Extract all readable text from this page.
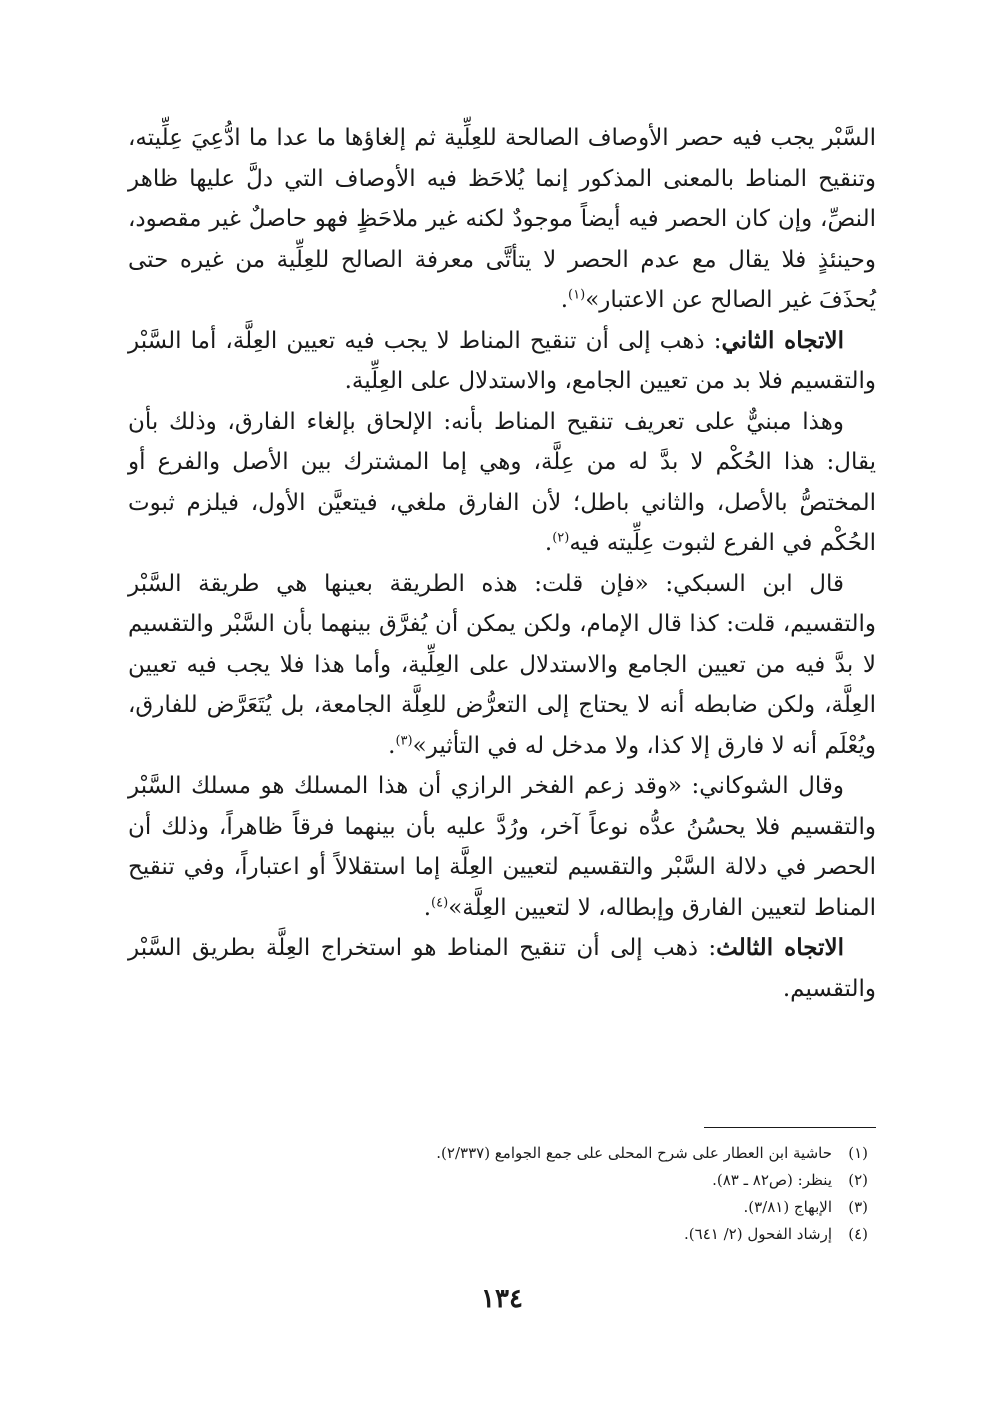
السَّبْر يجب فيه حصر الأوصاف الصالحة للعِلِّية ثم إلغاؤها ما عدا ما ادُّعِيَ عِلِّيته، وتنقيح المناط بالمعنى المذكور إنما يُلاحَظ فيه الأوصاف التي دلَّ عليها ظاهر النصِّ، وإن كان الحصر فيه أيضاً موجودٌ لكنه غير ملاحَظٍ فهو حاصلٌ غير مقصود، وحينئذٍ فلا يقال مع عدم الحصر لا يتأتَّى معرفة الصالح للعِلِّية من غيره حتى يُحذَفَ غير الصالح عن الاعتبار»$^{(١)}$.

الاتجاه الثاني: ذهب إلى أن تنقيح المناط لا يجب فيه تعيين العِلَّة، أما السَّبْر والتقسيم فلا بد من تعيين الجامع، والاستدلال على العِلِّية.

وهذا مبنيٌّ على تعريف تنقيح المناط بأنه: الإلحاق بإلغاء الفارق، وذلك بأن يقال: هذا الحُكْم لا بدَّ له من عِلَّة، وهي إما المشترك بين الأصل والفرع أو المختصُّ بالأصل، والثاني باطل؛ لأن الفارق ملغي، فيتعيَّن الأول، فيلزم ثبوت الحُكْم في الفرع لثبوت عِلِّيته فيه$^{(٢)}$.

قال ابن السبكي: «فإن قلت: هذه الطريقة بعينها هي طريقة السَّبْر والتقسيم، قلت: كذا قال الإمام، ولكن يمكن أن يُفرَّق بينهما بأن السَّبْر والتقسيم لا بدَّ فيه من تعيين الجامع والاستدلال على العِلِّية، وأما هذا فلا يجب فيه تعيين العِلَّة، ولكن ضابطه أنه لا يحتاج إلى التعرُّض للعِلَّة الجامعة، بل يُتَعَرَّض للفارق، ويُعْلَم أنه لا فارق إلا كذا، ولا مدخل له في التأثير»$^{(٣)}$.

وقال الشوكاني: «وقد زعم الفخر الرازي أن هذا المسلك هو مسلك السَّبْر والتقسيم فلا يحسُنُ عدُّه نوعاً آخر، ورُدَّ عليه بأن بينهما فرقاً ظاهراً، وذلك أن الحصر في دلالة السَّبْر والتقسيم لتعيين العِلَّة إما استقلالاً أو اعتباراً، وفي تنقيح المناط لتعيين الفارق وإبطاله، لا لتعيين العِلَّة»$^{(٤)}$.

الاتجاه الثالث: ذهب إلى أن تنقيح المناط هو استخراج العِلَّة بطريق السَّبْر والتقسيم.

(١)
حاشية ابن العطار على شرح المحلى على جمع الجوامع (٢/٣٣٧).

(٢)
ينظر: (ص٨٢ ـ ٨٣).

(٣)
الإبهاج (٣/٨١).

(٤)
إرشاد الفحول (٢/ ٦٤١).

١٣٤
